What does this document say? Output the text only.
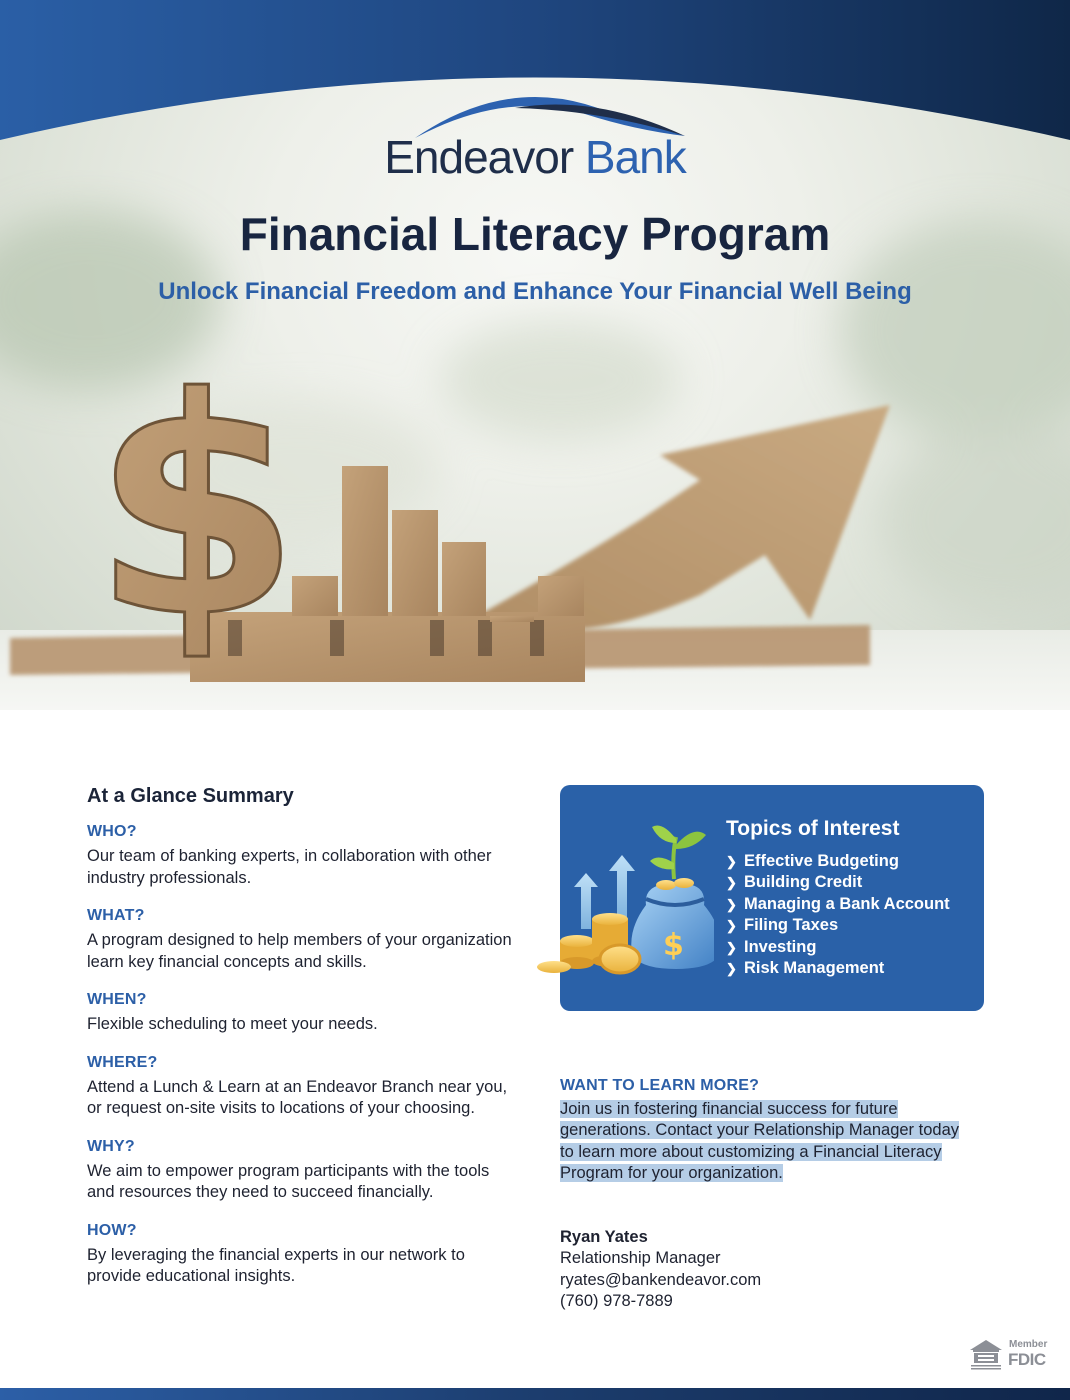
Endeavor Bank
Financial Literacy Program
Unlock Financial Freedom and Enhance Your Financial Well Being
$
At a Glance Summary
WHO?
Our team of banking experts, in collaboration with other industry professionals.
WHAT?
A program designed to help members of your organization learn key financial concepts and skills.
WHEN?
Flexible scheduling to meet your needs.
WHERE?
Attend a Lunch & Learn at an Endeavor Branch near you, or request on-site visits to locations of your choosing.
WHY?
We aim to empower program participants with the tools and resources they need to succeed financially.
HOW?
By leveraging the financial experts in our network to provide educational insights.
$
Topics of Interest
❯ Effective Budgeting
❯ Building Credit
❯ Managing a Bank Account
❯ Filing Taxes
❯ Investing
❯ Risk Management
WANT TO LEARN MORE?
Join us in fostering financial success for future
generations. Contact your Relationship Manager today
to learn more about customizing a Financial Literacy
Program for your organization.
Ryan Yates
Relationship Manager
ryates@bankendeavor.com
(760) 978-7889
Member
FDIC
